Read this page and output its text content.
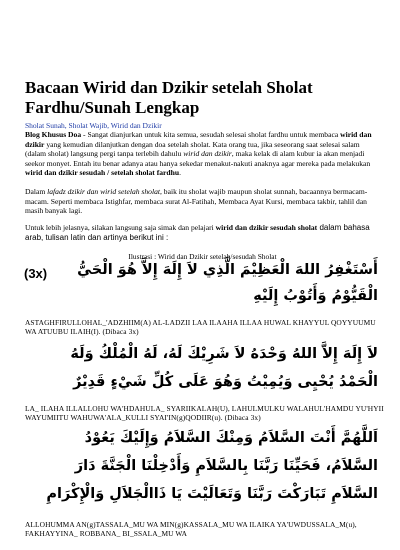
Bacaan Wirid dan Dzikir setelah Sholat Fardhu/Sunah Lengkap
Sholat Sunah, Sholat Wajib, Wirid dan Dzikir
Blog Khusus Doa - Sangat dianjurkan untuk kita semua, sesudah selesai sholat fardhu untuk membaca wirid dan dzikir yang kemudian dilanjutkan dengan doa setelah sholat. Kata orang tua, jika seseorang saat selesai salam (dalam sholat) langsung pergi tanpa terlebih dahulu wirid dan dzikir, maka kelak di alam kubur ia akan menjadi seekor monyet. Entah itu benar adanya atau hanya sekedar menakut-nakuti anaknya agar mereka pada melakukan wirid dan dzikir sesudah / setelah sholat fardhu.
Dalam lafadz dzikir dan wirid setelah sholat, baik itu sholat wajib maupun sholat sunnah, bacaannya bermacam-macam. Seperti membaca Istighfar, membaca surat Al-Fatihah, Membaca Ayat Kursi, membaca takbir, tahlil dan masih banyak lagi.
Untuk lebih jelasnya, silakan langsung saja simak dan pelajari wirid dan dzikir sesudah sholat dalam bahasa arab, tulisan latin dan artinya berikut ini :
Ilustrasi : Wirid dan Dzikir setelah/sesudah Sholat
(3x) أَسْتَغْفِرُ اللهَ الْعَظِيْمَ الَّذِي لاَ إِلَهَ إِلاَّ هُوَ الْحَيُّ
الْقَيُّوْمُ وَأَتُوْبُ إِلَيْهِ
ASTAGHFIRULLOHAL_'ADZHIIM(A) AL-LADZII LAA ILAAHA ILLAA HUWAL KHAYYUL QOYYUUMU WA ATUUBU ILAIH(I). (Dibaca 3x)
لاَ إِلَهَ إِلاَّ اللهُ وَحْدَهُ لاَ شَرِيْكَ لَهُ، لَهُ الْمُلْكُ وَلَهُ
الْحَمْدُ يُحْيِى وَيُمِيْتُ وَهُوَ عَلَى كُلِّ شَيْءٍ قَدِيْرٌ
LA_ ILAHA ILLALLOHU WA'HDAHULA_ SYARIIKALAH(U), LAHULMULKU WALAHUL'HAMDU YU'HYII WAYUMIITU WAHUWA'ALA_KULLI SYAI'IN(g)QODIIR(u). (Dibaca 3x)
اَللَّهُمَّ أَنْتَ السَّلاَمُ وَمِنْكَ السَّلاَمُ وَإِلَيْكَ يَعُوْدُ
السَّلاَمُ، فَحَيِّنَا رَبَّنَا بِالسَّلاَمِ وَأَدْخِلْنَا الْجَنَّةَ دَارَ
السَّلاَمِ تَبَارَكْتَ رَبَّنَا وَتَعَالَيْتَ يَا ذَاالْجَلاَلِ وَالْإِكْرَامِ
ALLOHUMMA AN(g)TASSALA_MU WA MIN(g)KASSALA_MU WA ILAIKA YA'UWDUSSALA_M(u), FAKHAYYINA_ ROBBANA_ BI_SSALA_MU WA
